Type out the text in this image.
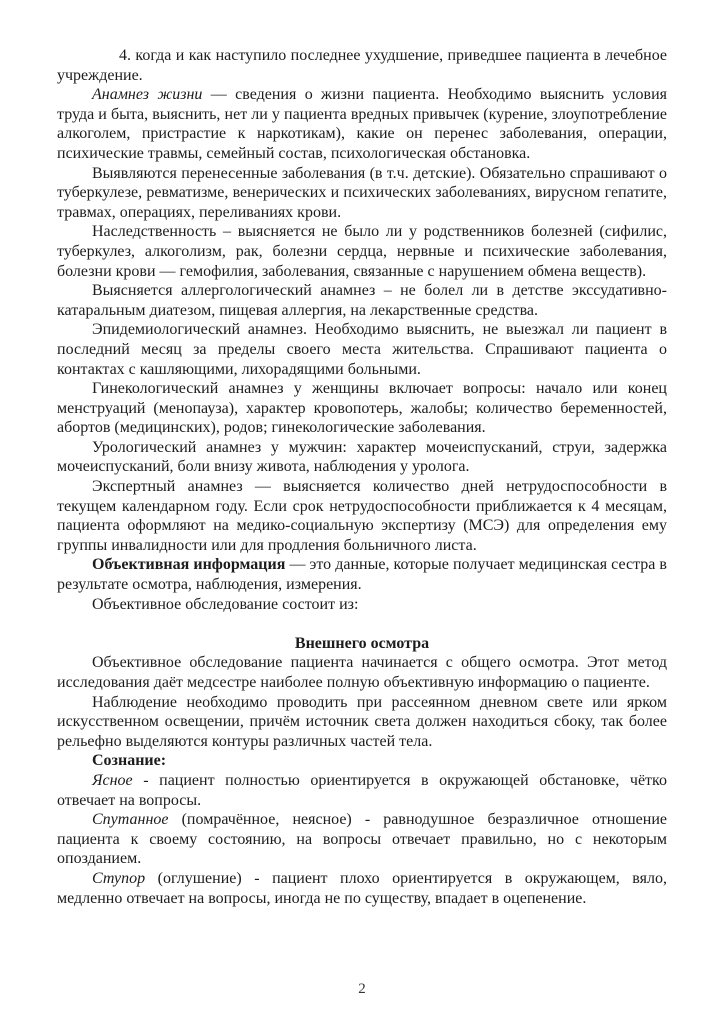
4. когда и как наступило последнее ухудшение, приведшее пациента в лечебное учреждение.

Анамнез жизни — сведения о жизни пациента. Необходимо выяснить условия труда и быта, выяснить, нет ли у пациента вредных привычек (курение, злоупотребление алкоголем, пристрастие к наркотикам), какие он перенес заболевания, операции, психические травмы, семейный состав, психологическая обстановка.

Выявляются перенесенные заболевания (в т.ч. детские). Обязательно спрашивают о туберкулезе, ревматизме, венерических и психических заболеваниях, вирусном гепатите, травмах, операциях, переливаниях крови.

Наследственность – выясняется не было ли у родственников болезней (сифилис, туберкулез, алкоголизм, рак, болезни сердца, нервные и психические заболевания, болезни крови — гемофилия, заболевания, связанные с нарушением обмена веществ).

Выясняется аллергологический анамнез – не болел ли в детстве экссудативно-катаральным диатезом, пищевая аллергия, на лекарственные средства.

Эпидемиологический анамнез. Необходимо выяснить, не выезжал ли пациент в последний месяц за пределы своего места жительства. Спрашивают пациента о контактах с кашляющими, лихорадящими больными.

Гинекологический анамнез у женщины включает вопросы: начало или конец менструаций (менопауза), характер кровопотерь, жалобы; количество беременностей, абортов (медицинских), родов; гинекологические заболевания.

Урологический анамнез у мужчин: характер мочеиспусканий, струи, задержка мочеиспусканий, боли внизу живота, наблюдения у уролога.

Экспертный анамнез — выясняется количество дней нетрудоспособности в текущем календарном году. Если срок нетрудоспособности приближается к 4 месяцам, пациента оформляют на медико-социальную экспертизу (МСЭ) для определения ему группы инвалидности или для продления больничного листа.

Объективная информация — это данные, которые получает медицинская сестра в результате осмотра, наблюдения, измерения.

Объективное обследование состоит из:

Внешнего осмотра

Объективное обследование пациента начинается с общего осмотра. Этот метод исследования даёт медсестре наиболее полную объективную информацию о пациенте.

Наблюдение необходимо проводить при рассеянном дневном свете или ярком искусственном освещении, причём источник света должен находиться сбоку, так более рельефно выделяются контуры различных частей тела.

Сознание:

Ясное - пациент полностью ориентируется в окружающей обстановке, чётко отвечает на вопросы.

Спутанное (помрачённое, неясное) - равнодушное безразличное отношение пациента к своему состоянию, на вопросы отвечает правильно, но с некоторым опозданием.

Ступор (оглушение) - пациент плохо ориентируется в окружающем, вяло, медленно отвечает на вопросы, иногда не по существу, впадает в оцепенение.

2
